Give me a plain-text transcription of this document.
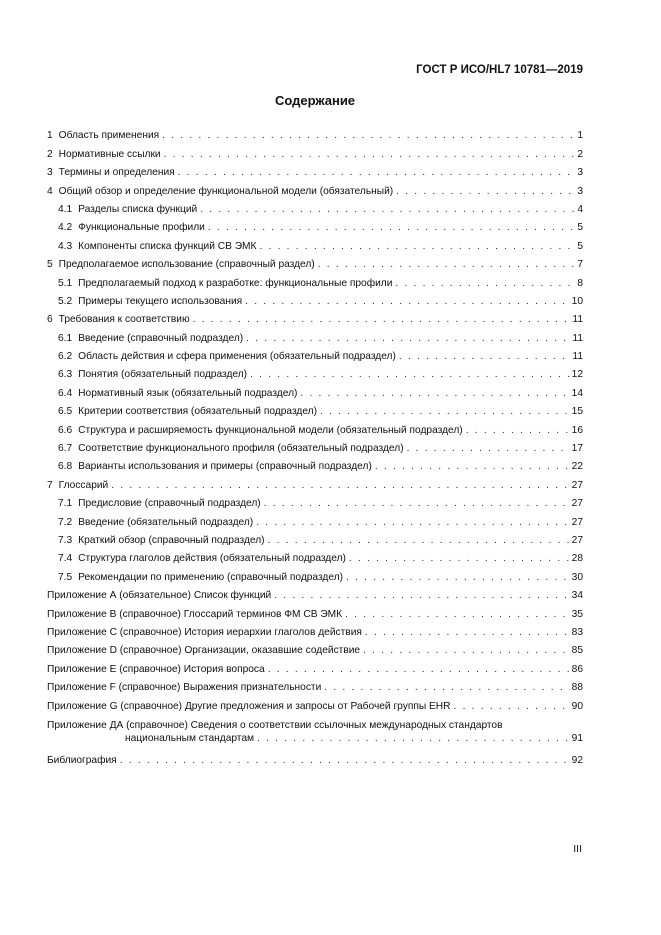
ГОСТ Р ИСО/HL7 10781—2019
Содержание
1 Область применения . . .	1
2 Нормативные ссылки . . .	2
3 Термины и определения . . .	3
4 Общий обзор и определение функциональной модели (обязательный) . . .	3
4.1 Разделы списка функций . . .	4
4.2 Функциональные профили . . .	5
4.3 Компоненты списка функций СВ ЭМК . . .	5
5 Предполагаемое использование (справочный раздел) . . .	7
5.1 Предполагаемый подход к разработке: функциональные профили . . .	8
5.2 Примеры текущего использования . . .	10
6 Требования к соответствию . . .	11
6.1 Введение (справочный подраздел) . . .	11
6.2 Область действия и сфера применения (обязательный подраздел) . . .	11
6.3 Понятия (обязательный подраздел) . . .	12
6.4 Нормативный язык (обязательный подраздел) . . .	14
6.5 Критерии соответствия (обязательный подраздел) . . .	15
6.6 Структура и расширяемость функциональной модели (обязательный подраздел) . . .	16
6.7 Соответствие функционального профиля (обязательный подраздел) . . .	17
6.8 Варианты использования и примеры (справочный подраздел) . . .	22
7 Глоссарий . . .	27
7.1 Предисловие (справочный подраздел) . . .	27
7.2 Введение (обязательный подраздел) . . .	27
7.3 Краткий обзор (справочный подраздел) . . .	27
7.4 Структура глаголов действия (обязательный подраздел) . . .	28
7.5 Рекомендации по применению (справочный подраздел) . . .	30
Приложение А (обязательное) Список функций . . .	34
Приложение В (справочное) Глоссарий терминов ФМ СВ ЭМК . . .	35
Приложение С (справочное) История иерархии глаголов действия . . .	83
Приложение D (справочное) Организации, оказавшие содействие . . .	85
Приложение Е (справочное) История вопроса . . .	86
Приложение F (справочное) Выражения признательности . . .	88
Приложение G (справочное) Другие предложения и запросы от Рабочей группы EHR . . .	90
Приложение ДА (справочное) Сведения о соответствии ссылочных международных стандартов
национальным стандартам . . .	91
Библиография . . .	92
III
